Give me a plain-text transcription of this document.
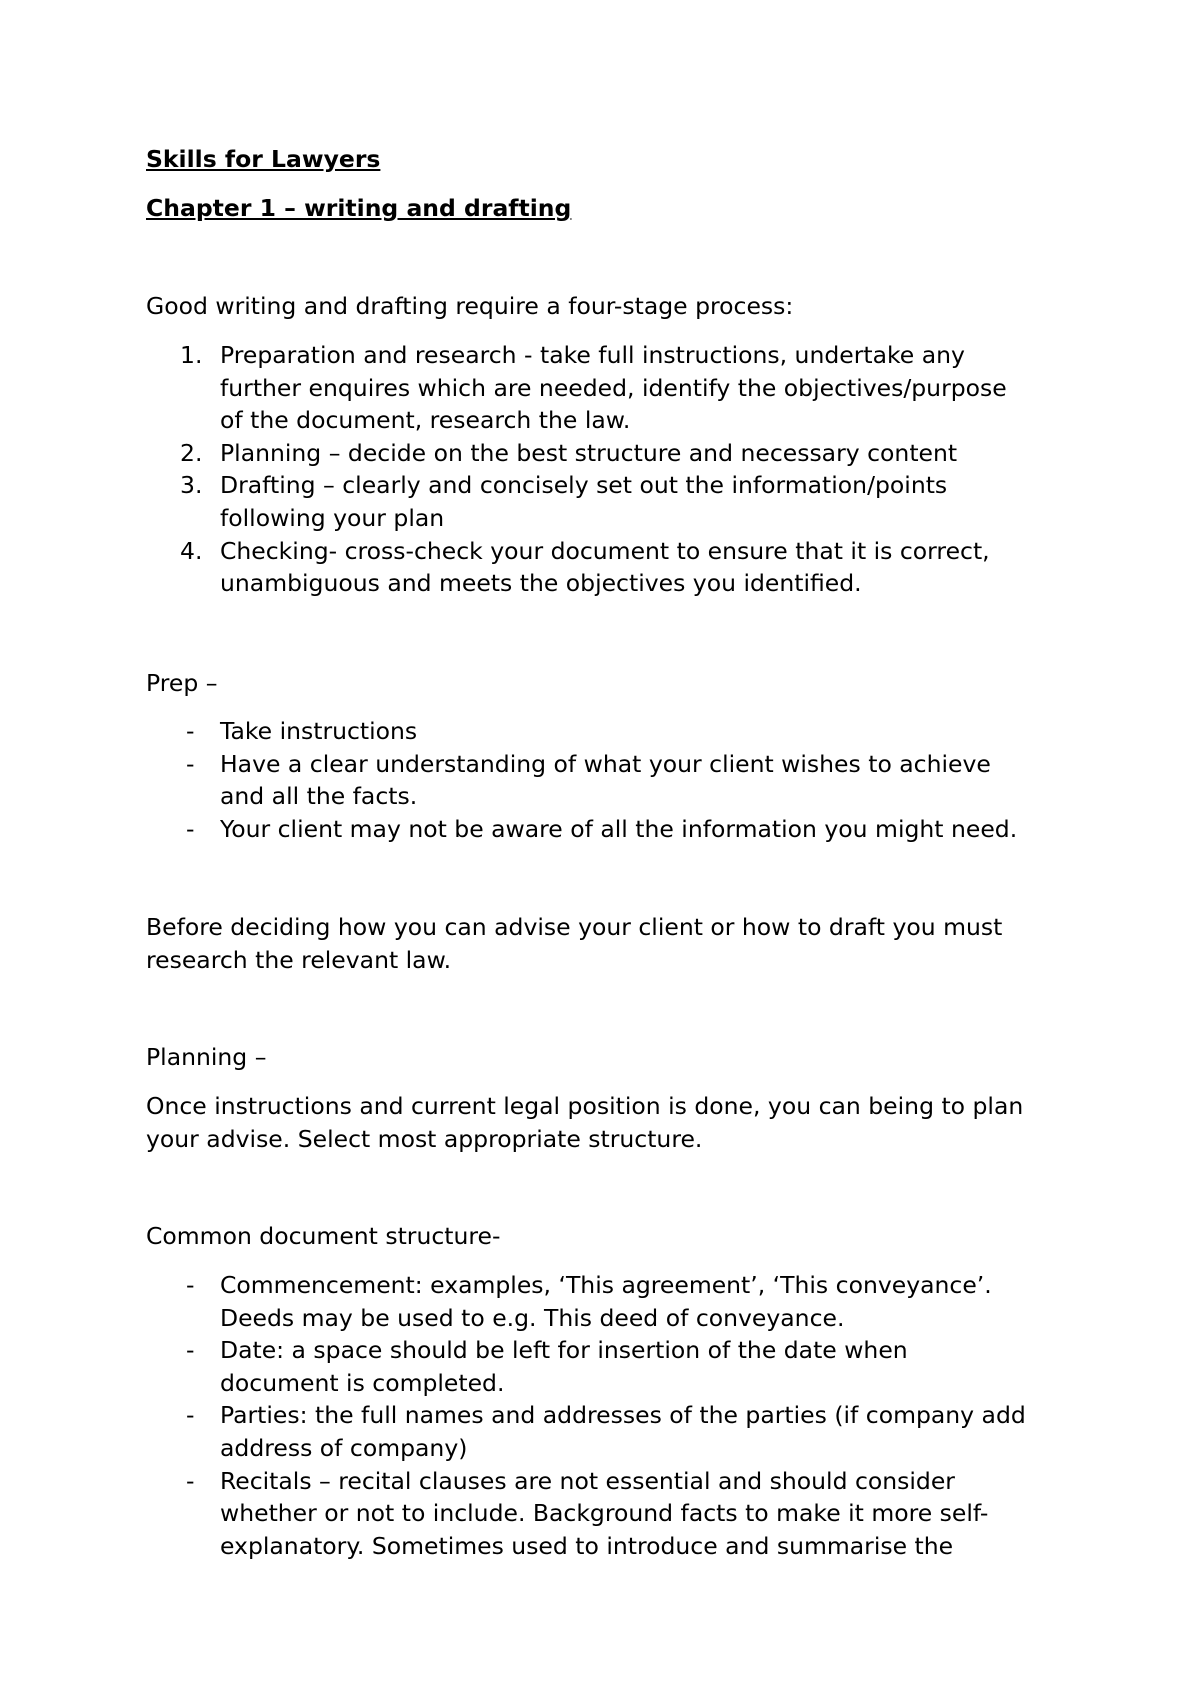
Skills for Lawyers

Chapter 1 – writing and drafting

Good writing and drafting require a four-stage process:

1. Preparation and research - take full instructions, undertake any
further enquires which are needed, identify the objectives/purpose
of the document, research the law.
2. Planning – decide on the best structure and necessary content
3. Drafting – clearly and concisely set out the information/points
following your plan
4. Checking- cross-check your document to ensure that it is correct,
unambiguous and meets the objectives you identified.

Prep –

-	Take instructions
-	Have a clear understanding of what your client wishes to achieve
and all the facts.
-	Your client may not be aware of all the information you might need.

Before deciding how you can advise your client or how to draft you must

research the relevant law.

Planning –

Once instructions and current legal position is done, you can being to plan

your advise. Select most appropriate structure.

Common document structure-

-	Commencement: examples, ‘This agreement’, ‘This conveyance’.
Deeds may be used to e.g. This deed of conveyance.
-	Date: a space should be left for insertion of the date when
document is completed.
-	Parties: the full names and addresses of the parties (if company add
address of company)
-	Recitals – recital clauses are not essential and should consider
whether or not to include. Background facts to make it more self-
explanatory. Sometimes used to introduce and summarise the
